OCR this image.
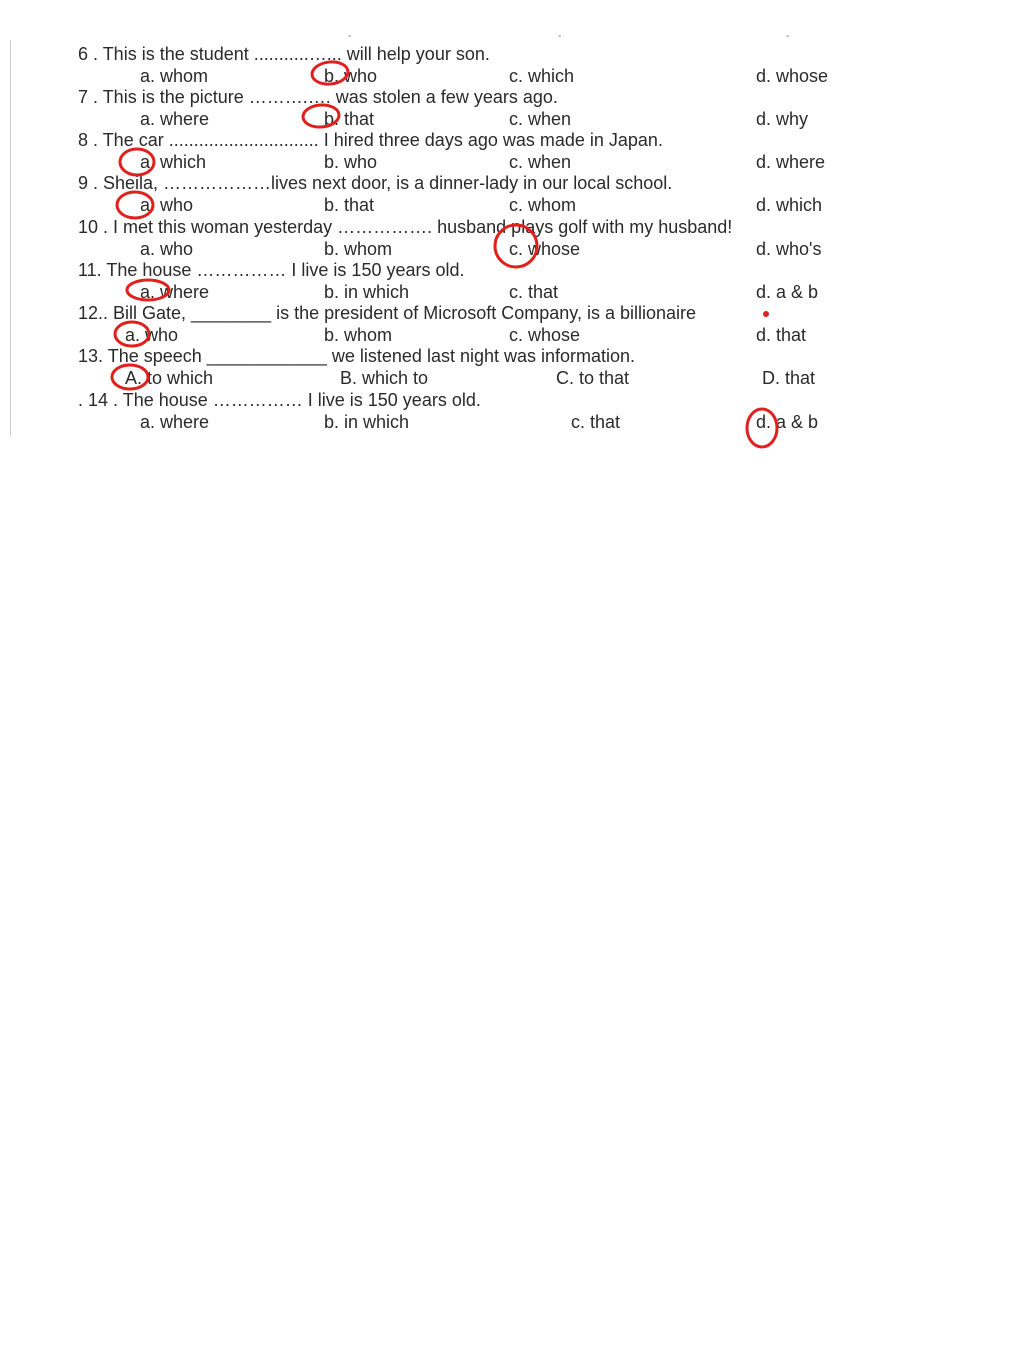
-	-	-
6 . This is the student ...........…... will help your son.
a. whom	b. who	c. which	d. whose
7 . This is the picture ……….…. was stolen a few years ago.
a. where	b. that	c. when	d. why
8 . The car .............................. I hired three days ago was made in Japan.
a. which	b. who	c. when	d. where
9 . Sheila, ………………lives next door, is a dinner-lady in our local school.
a. who	b. that	c. whom	d. which
10 . I met this woman yesterday ……………. husband plays golf with my husband!
a. who	b. whom	c. whose	d. who's
11. The house …………… I live is 150 years old.
a. where	b. in which	c. that	d. a & b
12.. Bill Gate, ________ is the president of Microsoft Company, is a billionaire
a. who	b. whom	c. whose	d. that
13. The speech ____________ we listened last night was information.
A. to which	B. which to	C. to that	D. that
. 14 . The house …………… I live is 150 years old.
a. where	b. in which	c. that	d. a & b
